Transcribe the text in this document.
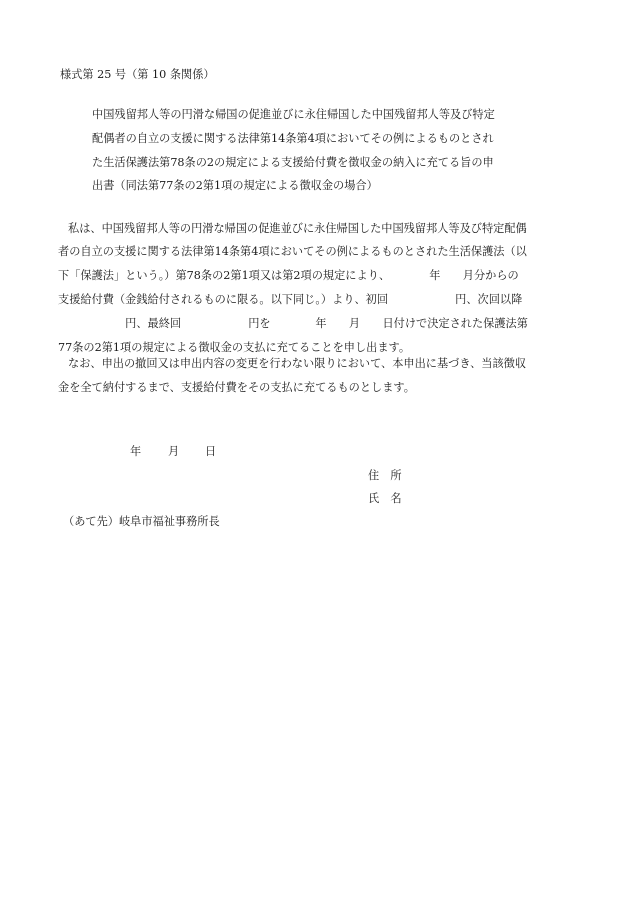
様式第 25 号（第 10 条関係）
中国残留邦人等の円滑な帰国の促進並びに永住帰国した中国残留邦人等及び特定
配偶者の自立の支援に関する法律第14条第4項においてその例によるものとされ
た生活保護法第78条の2の規定による支援給付費を徴収金の納入に充てる旨の申
出書（同法第77条の2第1項の規定による徴収金の場合）
私は、中国残留邦人等の円滑な帰国の促進並びに永住帰国した中国残留邦人等及び特定配偶
者の自立の支援に関する法律第14条第4項においてその例によるものとされた生活保護法（以
下「保護法」という。）第78条の2第1項又は第2項の規定により、　　　　年　　月分からの
支援給付費（金銭給付されるものに限る。以下同じ。）より、初回　　　　　　円、次回以降
　　　　　　円、最終回　　　　　　円を　　　　年　　月　　日付けで決定された保護法第
77条の2第1項の規定による徴収金の支払に充てることを申し出ます。
なお、申出の撤回又は申出内容の変更を行わない限りにおいて、本申出に基づき、当該徴収
金を全て納付するまで、支援給付費をその支払に充てるものとします。
年 月 日
住　所
氏　名
（あて先）岐阜市福祉事務所長
